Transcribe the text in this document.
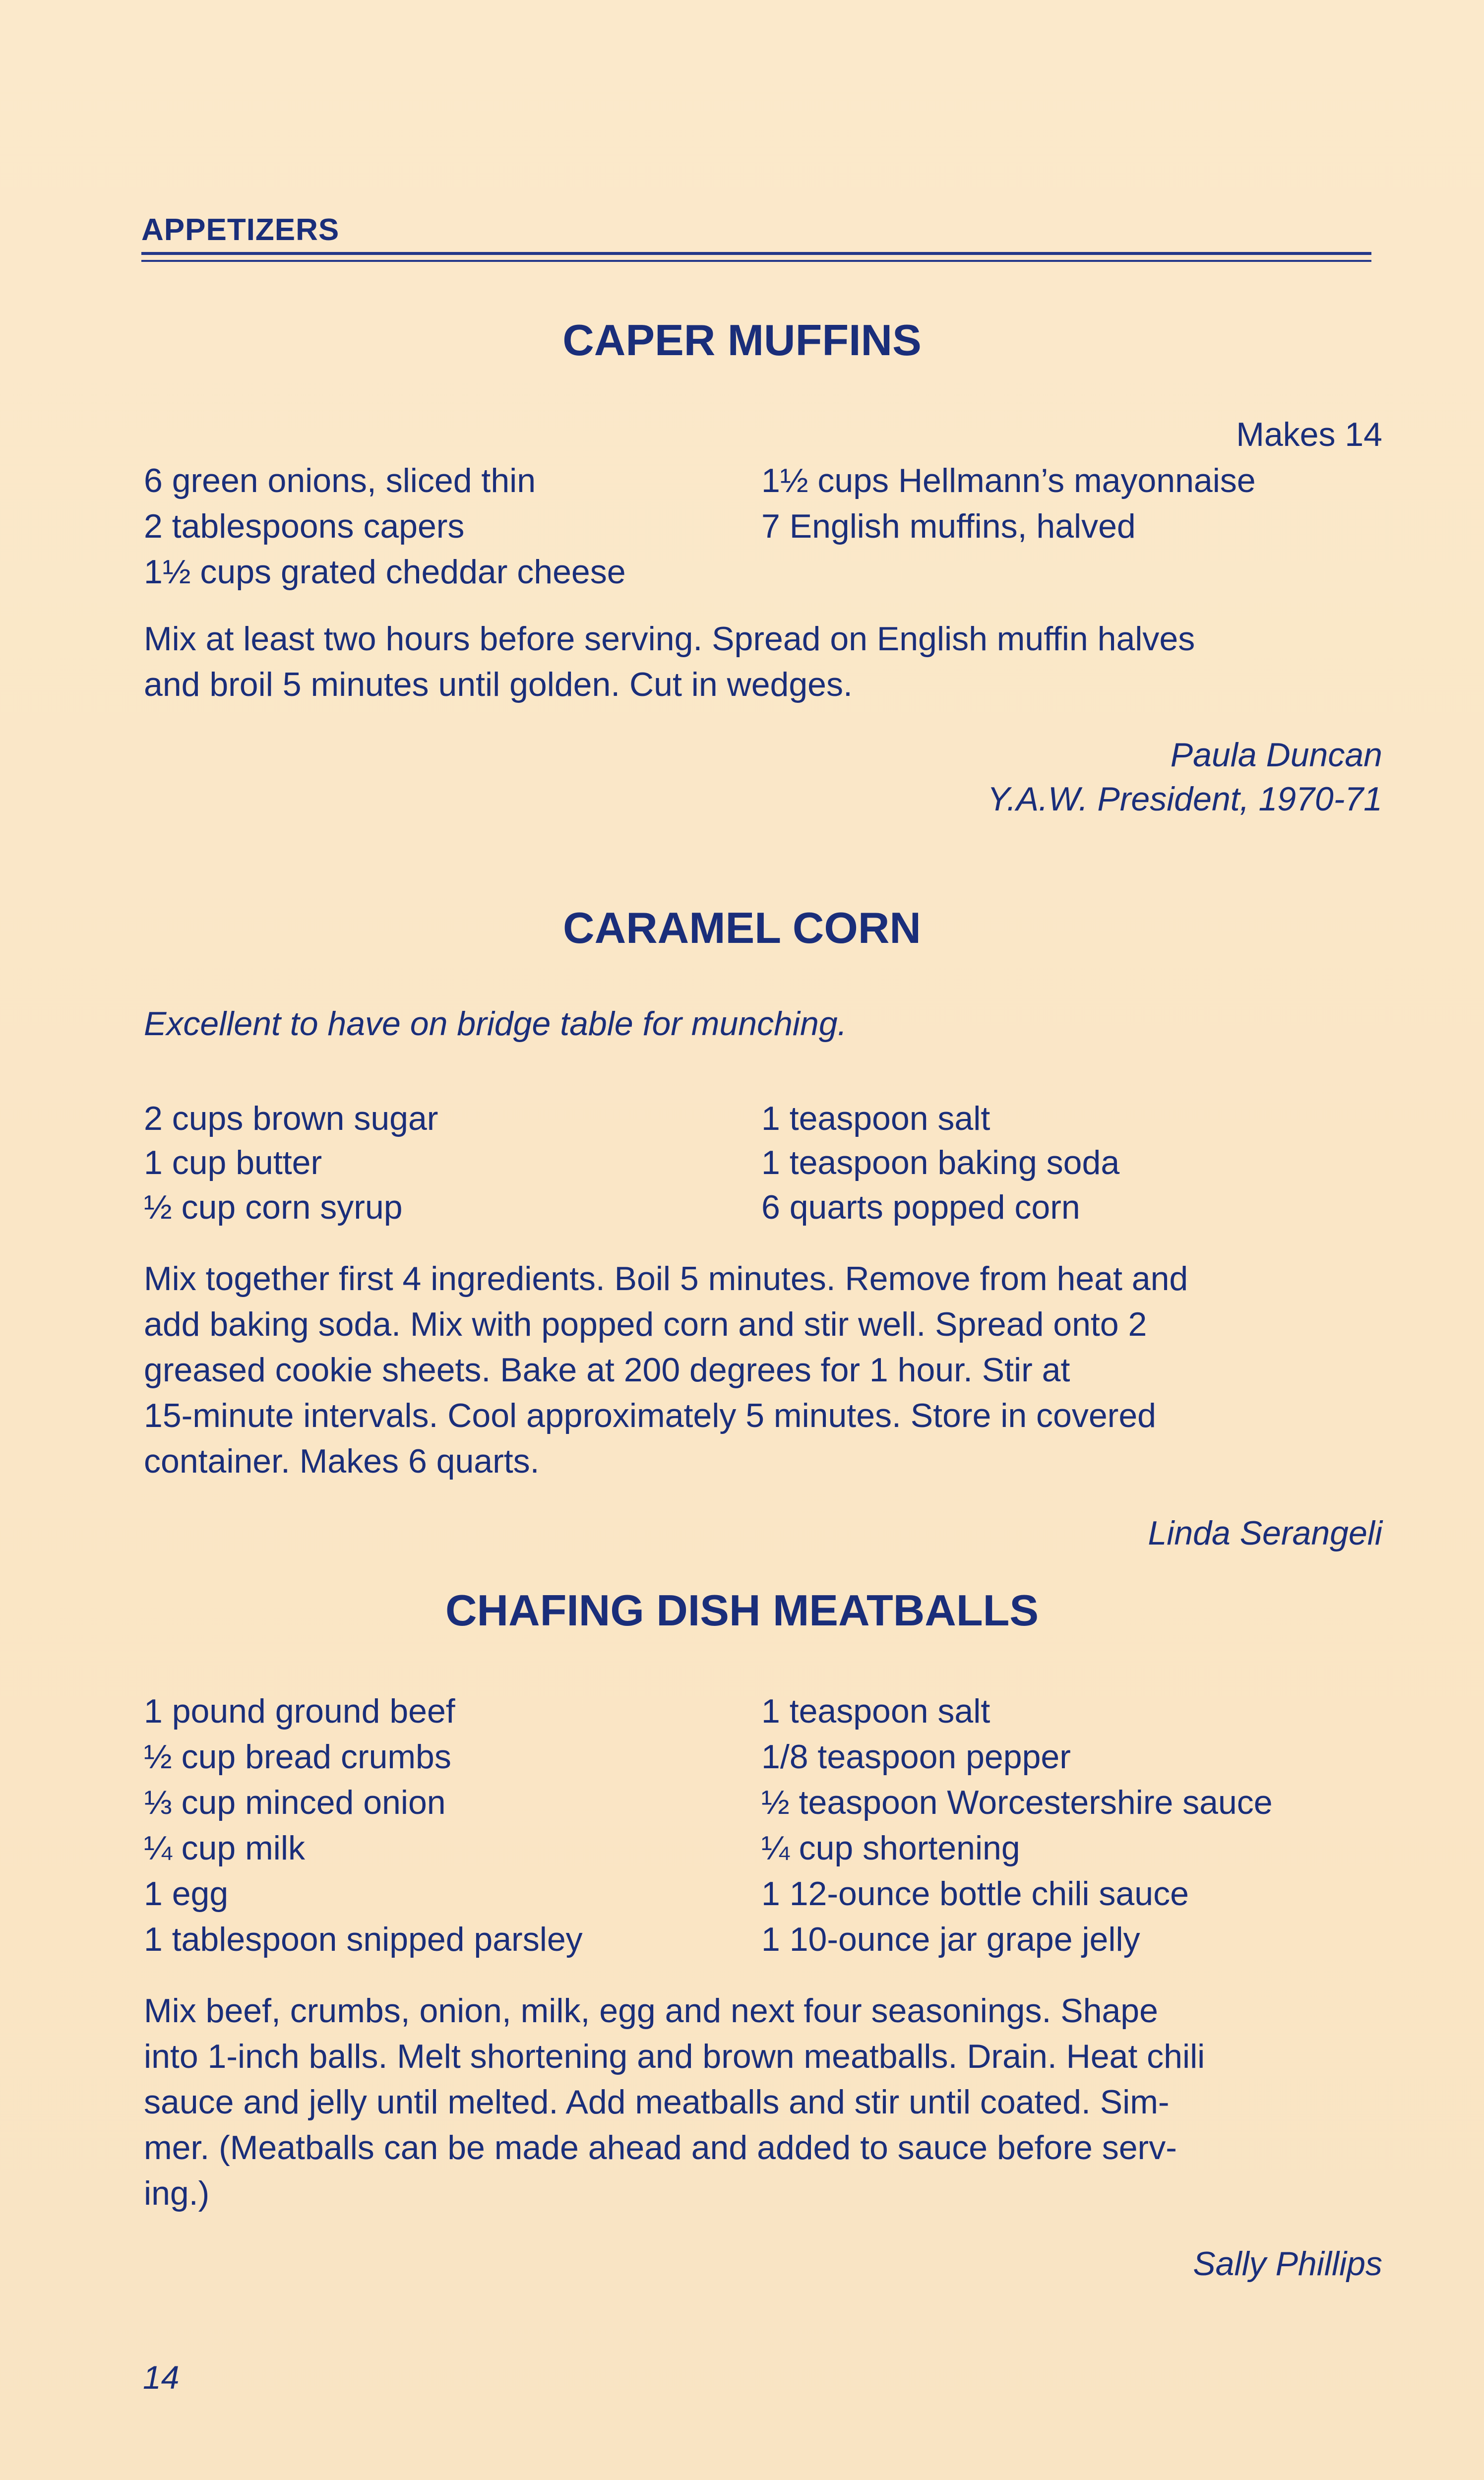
APPETIZERS
CAPER MUFFINS
Makes 14
6 green onions, sliced thin
2 tablespoons capers
1½ cups grated cheddar cheese
1½ cups Hellmann’s mayonnaise
7 English muffins, halved
Mix at least two hours before serving. Spread on English muffin halves
and broil 5 minutes until golden. Cut in wedges.
Paula Duncan
Y.A.W. President, 1970-71
CARAMEL CORN
Excellent to have on bridge table for munching.
2 cups brown sugar
1 cup butter
½ cup corn syrup
1 teaspoon salt
1 teaspoon baking soda
6 quarts popped corn
Mix together first 4 ingredients. Boil 5 minutes. Remove from heat and
add baking soda. Mix with popped corn and stir well. Spread onto 2
greased cookie sheets. Bake at 200 degrees for 1 hour. Stir at
15-minute intervals. Cool approximately 5 minutes. Store in covered
container. Makes 6 quarts.
Linda Serangeli
CHAFING DISH MEATBALLS
1 pound ground beef
½ cup bread crumbs
⅓ cup minced onion
¼ cup milk
1 egg
1 tablespoon snipped parsley
1 teaspoon salt
1/8 teaspoon pepper
½ teaspoon Worcestershire sauce
¼ cup shortening
1 12-ounce bottle chili sauce
1 10-ounce jar grape jelly
Mix beef, crumbs, onion, milk, egg and next four seasonings. Shape
into 1-inch balls. Melt shortening and brown meatballs. Drain. Heat chili
sauce and jelly until melted. Add meatballs and stir until coated. Sim-
mer. (Meatballs can be made ahead and added to sauce before serv-
ing.)
Sally Phillips
14
